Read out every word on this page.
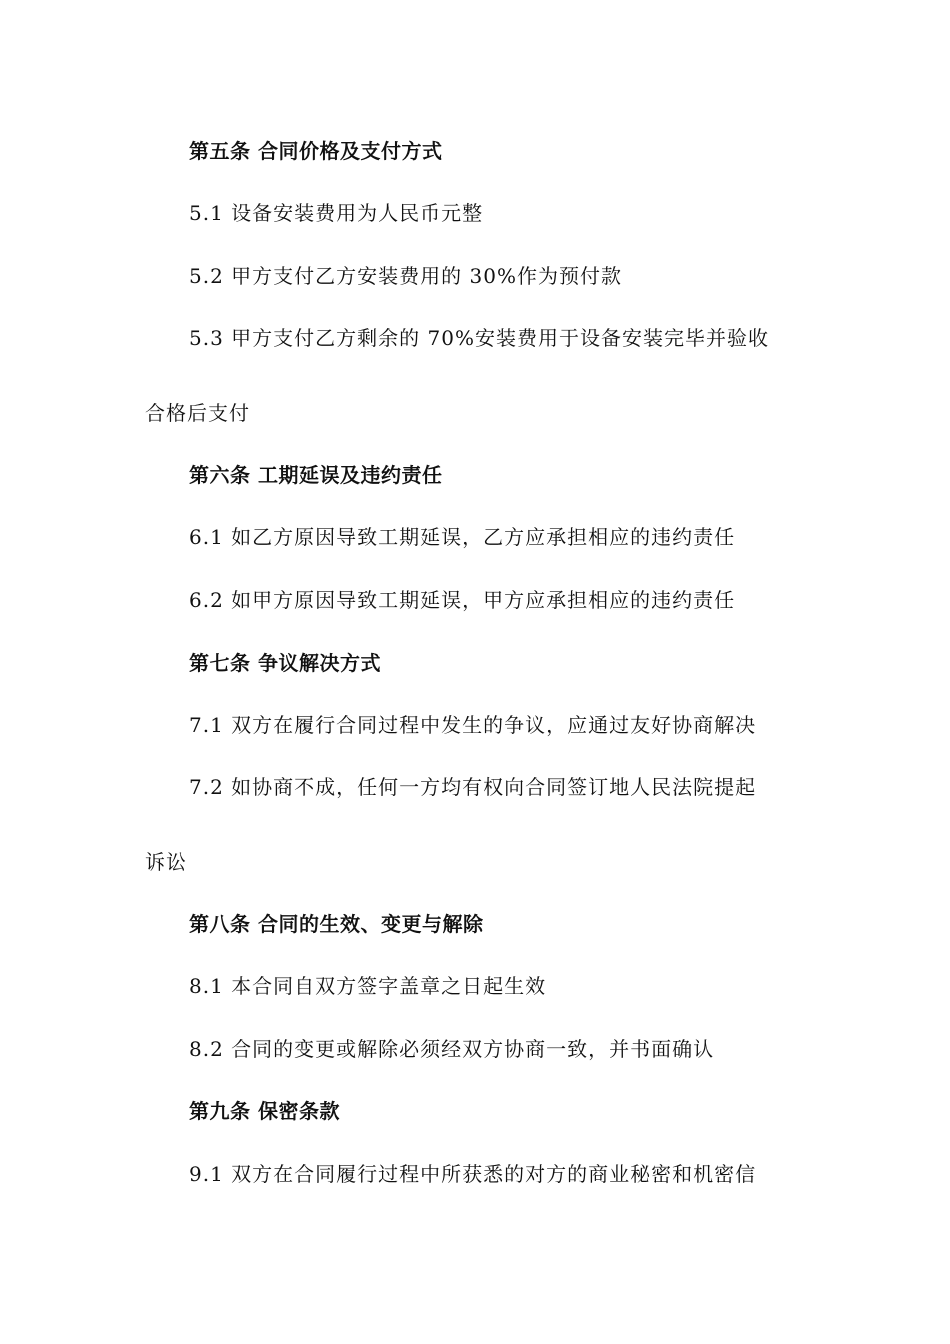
第五条 合同价格及支付方式
5.1 设备安装费用为人民币元整
5.2 甲方支付乙方安装费用的 30%作为预付款
5.3 甲方支付乙方剩余的 70%安装费用于设备安装完毕并验收
合格后支付
第六条 工期延误及违约责任
6.1 如乙方原因导致工期延误，乙方应承担相应的违约责任
6.2 如甲方原因导致工期延误，甲方应承担相应的违约责任
第七条 争议解决方式
7.1 双方在履行合同过程中发生的争议，应通过友好协商解决
7.2 如协商不成，任何一方均有权向合同签订地人民法院提起
诉讼
第八条 合同的生效、变更与解除
8.1 本合同自双方签字盖章之日起生效
8.2 合同的变更或解除必须经双方协商一致，并书面确认
第九条 保密条款
9.1 双方在合同履行过程中所获悉的对方的商业秘密和机密信
